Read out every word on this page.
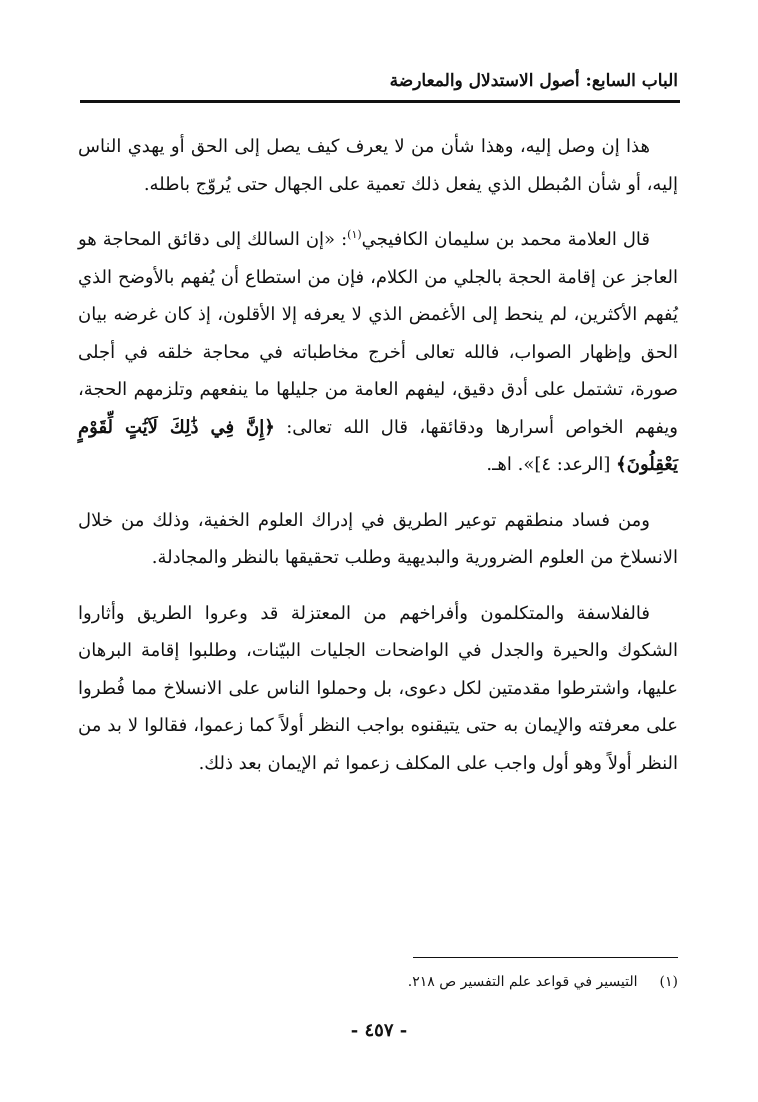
الباب السابع: أصول الاستدلال والمعارضة

هذا إن وصل إليه، وهذا شأن من لا يعرف كيف يصل إلى الحق أو يهدي الناس إليه، أو شأن المُبطل الذي يفعل ذلك تعمية على الجهال حتى يُروّج باطله.

قال العلامة محمد بن سليمان الكافيجي$^{(١)}$: «إن السالك إلى دقائق المحاجة هو العاجز عن إقامة الحجة بالجلي من الكلام، فإن من استطاع أن يُفهم بالأوضح الذي يُفهم الأكثرين، لم ينحط إلى الأغمض الذي لا يعرفه إلا الأقلون، إذ كان غرضه بيان الحق وإظهار الصواب، فالله تعالى أخرج مخاطباته في محاجة خلقه في أجلى صورة، تشتمل على أدق دقيق، ليفهم العامة من جليلها ما ينفعهم وتلزمهم الحجة، ويفهم الخواص أسرارها ودقائقها، قال الله تعالى: ﴿إِنَّ فِي ذَٰلِكَ لَآيَٰتٍ لِّقَوْمٍ يَعْقِلُونَ﴾ [الرعد: ٤]». اهـ.

ومن فساد منطقهم توعير الطريق في إدراك العلوم الخفية، وذلك من خلال الانسلاخ من العلوم الضرورية والبديهية وطلب تحقيقها بالنظر والمجادلة.

فالفلاسفة والمتكلمون وأفراخهم من المعتزلة قد وعروا الطريق وأثاروا الشكوك والحيرة والجدل في الواضحات الجليات البيّنات، وطلبوا إقامة البرهان عليها، واشترطوا مقدمتين لكل دعوى، بل وحملوا الناس على الانسلاخ مما فُطروا على معرفته والإيمان به حتى يتيقنوه بواجب النظر أولاً كما زعموا، فقالوا لا بد من النظر أولاً وهو أول واجب على المكلف زعموا ثم الإيمان بعد ذلك.

(١) التيسير في قواعد علم التفسير ص ٢١٨.
- ٤٥٧ -
